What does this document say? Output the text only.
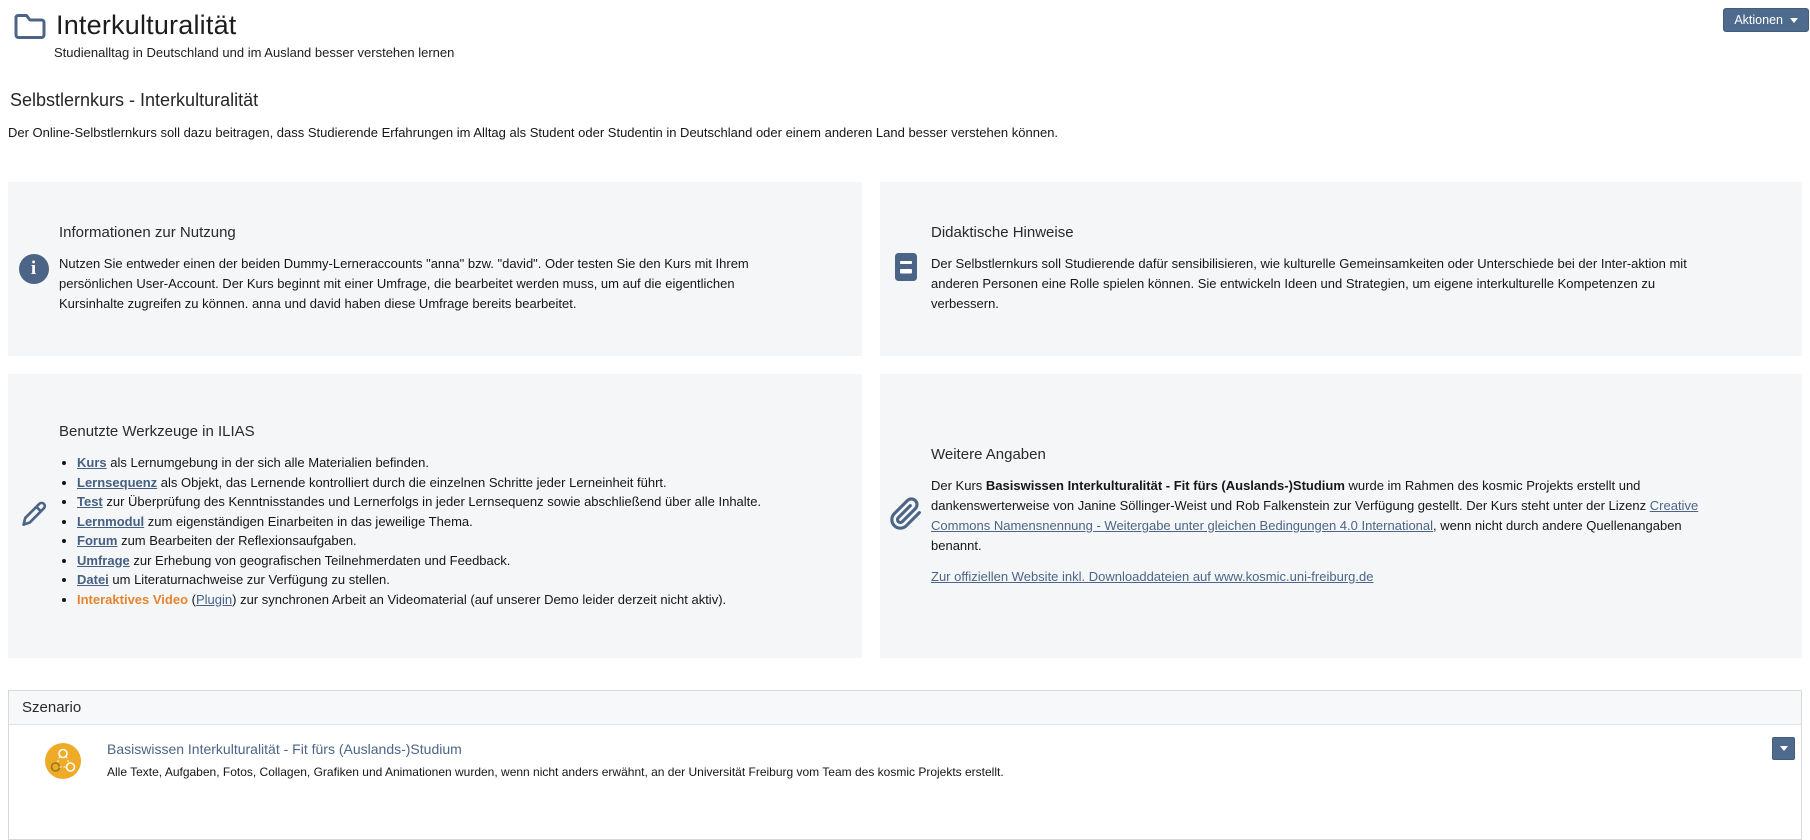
Interkulturalität
Studienalltag in Deutschland und im Ausland besser verstehen lernen
Aktionen
Selbstlernkurs - Interkulturalität

Der Online-Selbstlernkurs soll dazu beitragen, dass Studierende Erfahrungen im Alltag als Student oder Studentin in Deutschland oder einem anderen Land besser verstehen können.

i
Informationen zur Nutzung

Nutzen Sie entweder einen der beiden Dummy-Lerneraccounts "anna" bzw. "david". Oder testen Sie den Kurs mit Ihrem persönlichen User-Account. Der Kurs beginnt mit einer Umfrage, die bearbeitet werden muss, um auf die eigentlichen Kursinhalte zugreifen zu können. anna und david haben diese Umfrage bereits bearbeitet.

Didaktische Hinweise

Der Selbstlernkurs soll Studierende dafür sensibilisieren, wie kulturelle Gemeinsamkeiten oder Unterschiede bei der Inter-aktion mit anderen Personen eine Rolle spielen können. Sie entwickeln Ideen und Strategien, um eigene interkulturelle Kompetenzen zu verbessern.

Benutzte Werkzeuge in ILIAS
• Kurs als Lernumgebung in der sich alle Materialien befinden.
• Lernsequenz als Objekt, das Lernende kontrolliert durch die einzelnen Schritte jeder Lerneinheit führt.
• Test zur Überprüfung des Kenntnisstandes und Lernerfolgs in jeder Lernsequenz sowie abschließend über alle Inhalte.
• Lernmodul zum eigenständigen Einarbeiten in das jeweilige Thema.
• Forum zum Bearbeiten der Reflexionsaufgaben.
• Umfrage zur Erhebung von geografischen Teilnehmerdaten und Feedback.
• Datei um Literaturnachweise zur Verfügung zu stellen.
• Interaktives Video (Plugin) zur synchronen Arbeit an Videomaterial (auf unserer Demo leider derzeit nicht aktiv).
Weitere Angaben

Der Kurs Basiswissen Interkulturalität - Fit fürs (Auslands-)Studium wurde im Rahmen des kosmic Projekts erstellt und dankenswerterweise von Janine Söllinger-Weist und Rob Falkenstein zur Verfügung gestellt. Der Kurs steht unter der Lizenz Creative Commons Namensnennung - Weitergabe unter gleichen Bedingungen 4.0 International, wenn nicht durch andere Quellenangaben benannt.

Zur offiziellen Website inkl. Downloaddateien auf www.kosmic.uni-freiburg.de
Szenario
Basiswissen Interkulturalität - Fit fürs (Auslands-)Studium
Alle Texte, Aufgaben, Fotos, Collagen, Grafiken und Animationen wurden, wenn nicht anders erwähnt, an der Universität Freiburg vom Team des kosmic Projekts erstellt.
